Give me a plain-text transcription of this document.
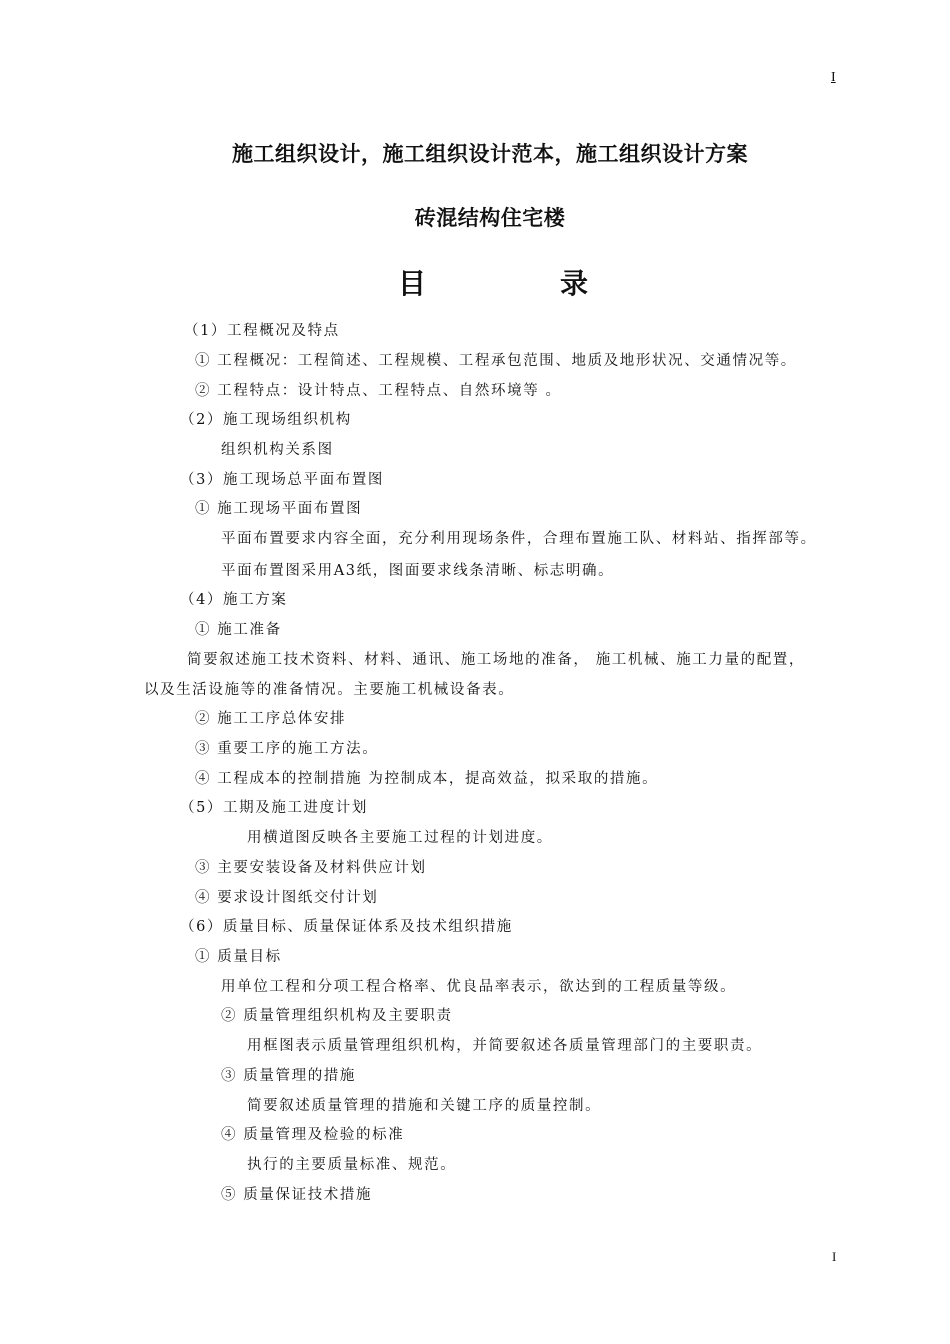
I
施工组织设计，施工组织设计范本，施工组织设计方案
砖混结构住宅楼
目	录
（1）工程概况及特点
① 工程概况：工程简述、工程规模、工程承包范围、地质及地形状况、交通情况等。
② 工程特点：设计特点、工程特点、自然环境等 。
（2）施工现场组织机构
组织机构关系图
（3）施工现场总平面布置图
① 施工现场平面布置图
平面布置要求内容全面，充分利用现场条件，合理布置施工队、材料站、指挥部等。
平面布置图采用A3纸，图面要求线条清晰、标志明确。
（4）施工方案
① 施工准备
简要叙述施工技术资料、材料、通讯、施工场地的准备， 施工机械、施工力量的配置，
以及生活设施等的准备情况。主要施工机械设备表。
② 施工工序总体安排
③ 重要工序的施工方法。
④ 工程成本的控制措施 为控制成本，提高效益，拟采取的措施。
（5）工期及施工进度计划
用横道图反映各主要施工过程的计划进度。
③ 主要安装设备及材料供应计划
④ 要求设计图纸交付计划
（6）质量目标、质量保证体系及技术组织措施
① 质量目标
用单位工程和分项工程合格率、优良品率表示，欲达到的工程质量等级。
② 质量管理组织机构及主要职责
用框图表示质量管理组织机构，并简要叙述各质量管理部门的主要职责。
③ 质量管理的措施
简要叙述质量管理的措施和关键工序的质量控制。
④ 质量管理及检验的标准
执行的主要质量标准、规范。
⑤ 质量保证技术措施
I
